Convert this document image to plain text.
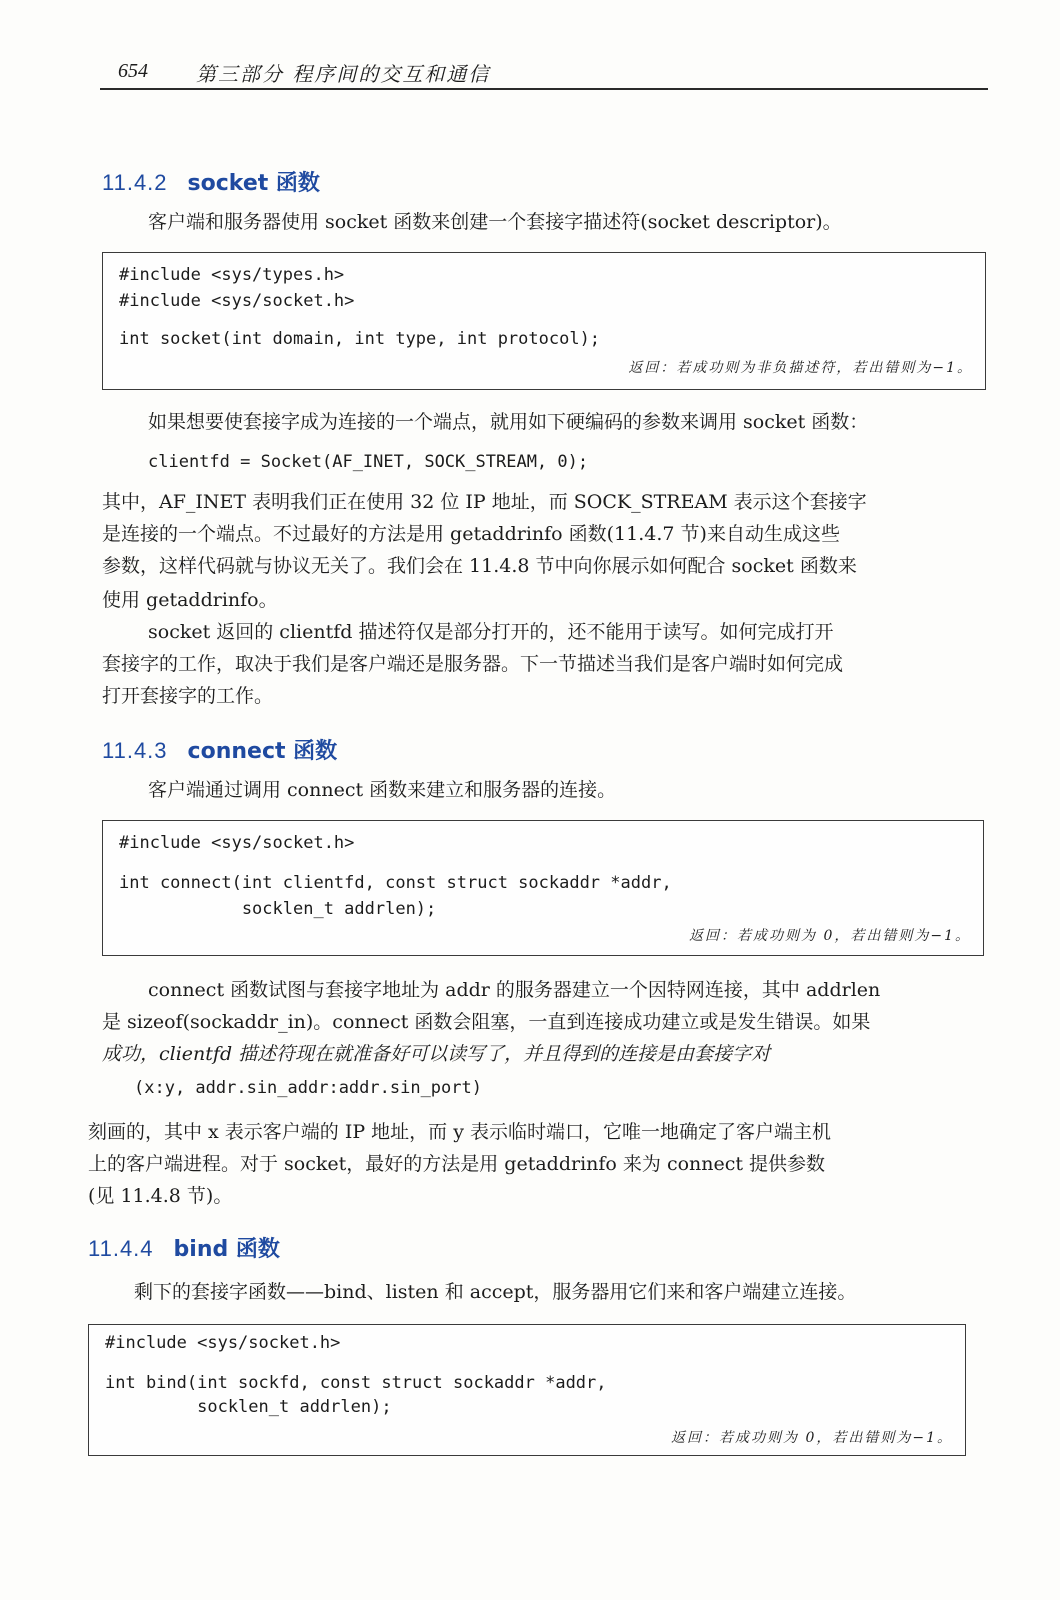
654 第三部分 程序间的交互和通信
11.4.2 socket 函数
客户端和服务器使用 socket 函数来创建一个套接字描述符(socket descriptor)。
#include <sys/types.h>
#include <sys/socket.h>
int socket(int domain, int type, int protocol);
返回：若成功则为非负描述符，若出错则为−1。
如果想要使套接字成为连接的一个端点，就用如下硬编码的参数来调用 socket 函数：
clientfd = Socket(AF_INET, SOCK_STREAM, 0);
其中，AF_INET 表明我们正在使用 32 位 IP 地址，而 SOCK_STREAM 表示这个套接字
是连接的一个端点。不过最好的方法是用 getaddrinfo 函数(11.4.7 节)来自动生成这些
参数，这样代码就与协议无关了。我们会在 11.4.8 节中向你展示如何配合 socket 函数来
使用 getaddrinfo。
socket 返回的 clientfd 描述符仅是部分打开的，还不能用于读写。如何完成打开
套接字的工作，取决于我们是客户端还是服务器。下一节描述当我们是客户端时如何完成
打开套接字的工作。
11.4.3 connect 函数
客户端通过调用 connect 函数来建立和服务器的连接。
#include <sys/socket.h>
int connect(int clientfd, const struct sockaddr *addr,
socklen_t addrlen);
返回：若成功则为 0，若出错则为−1。
connect 函数试图与套接字地址为 addr 的服务器建立一个因特网连接，其中 addrlen
是 sizeof(sockaddr_in)。connect 函数会阻塞，一直到连接成功建立或是发生错误。如果
成功，clientfd 描述符现在就准备好可以读写了，并且得到的连接是由套接字对
(x:y, addr.sin_addr:addr.sin_port)
刻画的，其中 x 表示客户端的 IP 地址，而 y 表示临时端口，它唯一地确定了客户端主机
上的客户端进程。对于 socket，最好的方法是用 getaddrinfo 来为 connect 提供参数
(见 11.4.8 节)。
11.4.4 bind 函数
剩下的套接字函数——bind、listen 和 accept，服务器用它们来和客户端建立连接。
#include <sys/socket.h>
int bind(int sockfd, const struct sockaddr *addr,
socklen_t addrlen);
返回：若成功则为 0，若出错则为−1。
